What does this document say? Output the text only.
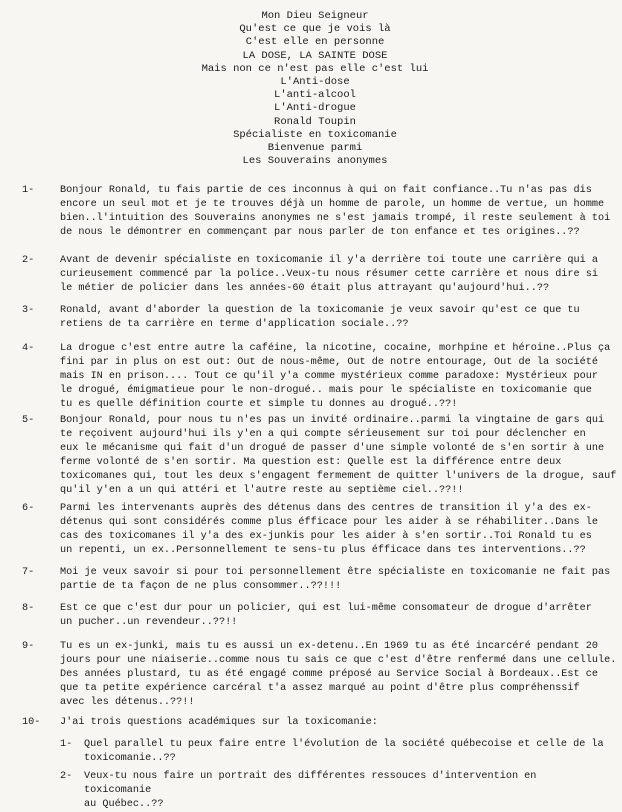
Mon Dieu Seigneur
Qu'est ce que je vois là
C'est elle en personne
LA DOSE, LA SAINTE DOSE
Mais non ce n'est pas elle c'est lui
L'Anti-dose
L'anti-alcool
L'Anti-drogue
Ronald Toupin
Spécialiste en toxicomanie
Bienvenue parmi
Les Souverains anonymes
1-	Bonjour Ronald, tu fais partie de ces inconnus à qui on fait confiance..Tu n'as pas dis
encore un seul mot et je te trouves déjà un homme de parole, un homme de vertue, un homme
bien..l'intuition des Souverains anonymes ne s'est jamais trompé, il reste seulement à toi
de nous le démontrer en commençant par nous parler de ton enfance et tes origines..??
2-	Avant de devenir spécialiste en toxicomanie il y'a derrière toi toute une carrière qui a
curieusement commencé par la police..Veux-tu nous résumer cette carrière et nous dire si
le métier de policier dans les années-60 était plus attrayant qu'aujourd'hui..??
3-	Ronald, avant d'aborder la question de la toxicomanie je veux savoir qu'est ce que tu
retiens de ta carrière en terme d'application sociale..??
4-	La drogue c'est entre autre la caféine, la nicotine, cocaine, morhpine et héroine..Plus ça
fini par in plus on est out: Out de nous-même, Out de notre entourage, Out de la société
mais IN en prison.... Tout ce qu'il y'a comme mystérieux comme paradoxe: Mystérieux pour
le drogué, émigmatieue pour le non-drogué.. mais pour le spécialiste en toxicomanie que
tu es quelle définition courte et simple tu donnes au drogué..??!
5-	Bonjour Ronald, pour nous tu n'es pas un invité ordinaire..parmi la vingtaine de gars qui
te reçoivent aujourd'hui ils y'en a qui compte sérieusement sur toi pour déclencher en
eux le mécanisme qui fait d'un drogué de passer d'une simple volonté de s'en sortir à une
ferme volonté de s'en sortir. Ma question est: Quelle est la différence entre deux
toxicomanes qui, tout les deux s'engagent fermement de quitter l'univers de la drogue, sauf
qu'il y'en a un qui attéri et l'autre reste au septième ciel..??!!
6-	Parmi les intervenants auprès des détenus dans des centres de transition il y'a des ex-
détenus qui sont considérés comme plus éfficace pour les aider à se réhabiliter..Dans le
cas des toxicomanes il y'a des ex-junkis pour les aider à s'en sortir..Toi Ronald tu es
un repenti, un ex..Personnellement te sens-tu plus éfficace dans tes interventions..??
7-	Moi je veux savoir si pour toi personnellement être spécialiste en toxicomanie ne fait pas
partie de ta façon de ne plus consommer..??!!!
8-	Est ce que c'est dur pour un policier, qui est lui-même consomateur de drogue d'arrêter
un pucher..un revendeur..??!!
9-	Tu es un ex-junki, mais tu es aussi un ex-detenu..En 1969 tu as été incarcéré pendant 20
jours pour une niaiserie..comme nous tu sais ce que c'est d'être renfermé dans une cellule.
Des années plustard, tu as été engagé comme préposé au Service Social à Bordeaux..Est ce
que ta petite expérience carcéral t'a assez marqué au point d'être plus compréhenssif
avec les détenus..??!!
10- J'ai trois questions académiques sur la toxicomanie:
1- Quel parallel tu peux faire entre l'évolution de la société québecoise et celle de la
toxicomanie..??
2- Veux-tu nous faire un portrait des différentes ressouces d'intervention en toxicomanie
au Québec..??
